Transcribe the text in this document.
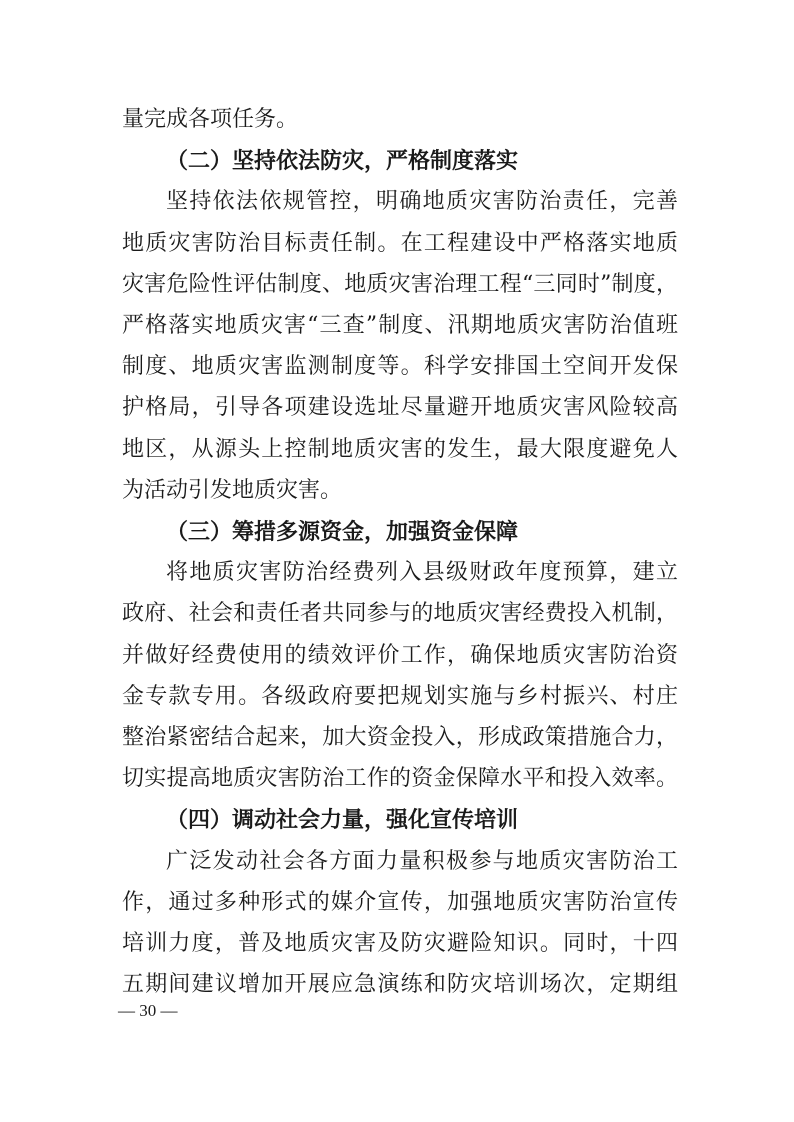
量完成各项任务。
（二）坚持依法防灾，严格制度落实
坚持依法依规管控，明确地质灾害防治责任，完善
地质灾害防治目标责任制。在工程建设中严格落实地质
灾害危险性评估制度、地质灾害治理工程“三同时”制度，
严格落实地质灾害“三查”制度、汛期地质灾害防治值班
制度、地质灾害监测制度等。科学安排国土空间开发保
护格局，引导各项建设选址尽量避开地质灾害风险较高
地区，从源头上控制地质灾害的发生，最大限度避免人
为活动引发地质灾害。
（三）筹措多源资金，加强资金保障
将地质灾害防治经费列入县级财政年度预算，建立
政府、社会和责任者共同参与的地质灾害经费投入机制，
并做好经费使用的绩效评价工作，确保地质灾害防治资
金专款专用。各级政府要把规划实施与乡村振兴、村庄
整治紧密结合起来，加大资金投入，形成政策措施合力，
切实提高地质灾害防治工作的资金保障水平和投入效率。
（四）调动社会力量，强化宣传培训
广泛发动社会各方面力量积极参与地质灾害防治工
作，通过多种形式的媒介宣传，加强地质灾害防治宣传
培训力度，普及地质灾害及防灾避险知识。同时，十四
五期间建议增加开展应急演练和防灾培训场次，定期组
— 30 —
